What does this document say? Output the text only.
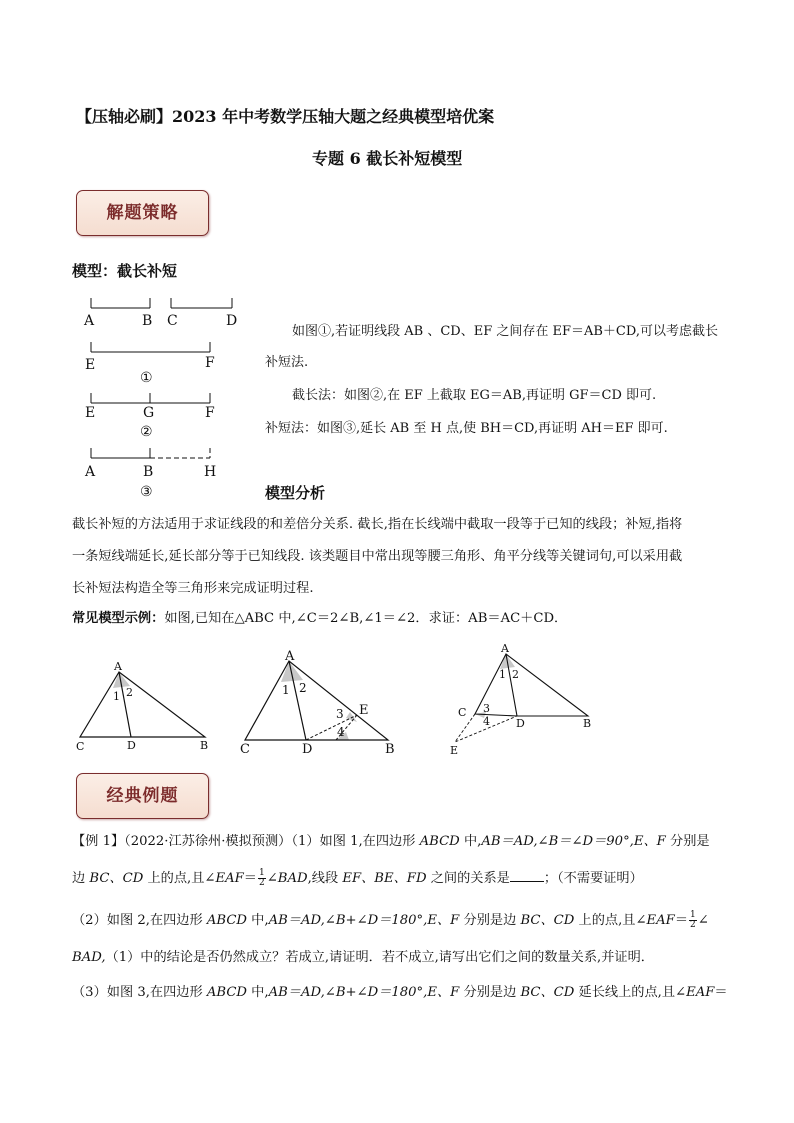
【压轴必刷】2023 年中考数学压轴大题之经典模型培优案
专题 6 截长补短模型
解题策略
模型：截长补短
A	B C	D
E	F
①
E	G	F
②
A	B	H
③
如图①,若证明线段 AB 、CD、EF 之间存在 EF＝AB＋CD,可以考虑截长
补短法.
截长法：如图②,在 EF 上截取 EG＝AB,再证明 GF＝CD 即可.
补短法：如图③,延长 AB 至 H 点,使 BH＝CD,再证明 AH＝EF 即可.
模型分析
截长补短的方法适用于求证线段的和差倍分关系. 截长,指在长线端中截取一段等于已知的线段；补短,指将
一条短线端延长,延长部分等于已知线段. 该类题目中常出现等腰三角形、角平分线等关键词句,可以采用截
长补短法构造全等三角形来完成证明过程.
常见模型示例：如图,已知在△ABC 中,∠C＝2∠B,∠1＝∠2．求证：AB＝AC＋CD．
A
C	D	B
1 2
A
C	D	B
E
1 2
3
4
A
C
D	B
E
1 2
3
4
经典例题
【例 1】（2022·江苏徐州·模拟预测）（1）如图 1,在四边形 ABCD 中,AB＝AD,∠B＝∠D＝90°,E、F 分别是
边 BC、CD 上的点,且∠EAF＝ $\frac{1}{2}$ ∠BAD,线段 EF、BE、FD 之间的关系是	；（不需要证明）
（2）如图 2,在四边形 ABCD 中,AB＝AD,∠B+∠D＝180°,E、F 分别是边 BC、CD 上的点,且∠EAF＝ $\frac{1}{2}$ ∠
BAD,（1）中的结论是否仍然成立？若成立,请证明．若不成立,请写出它们之间的数量关系,并证明．
（3）如图 3,在四边形 ABCD 中,AB＝AD,∠B+∠D＝180°,E、F 分别是边 BC、CD 延长线上的点,且∠EAF＝
